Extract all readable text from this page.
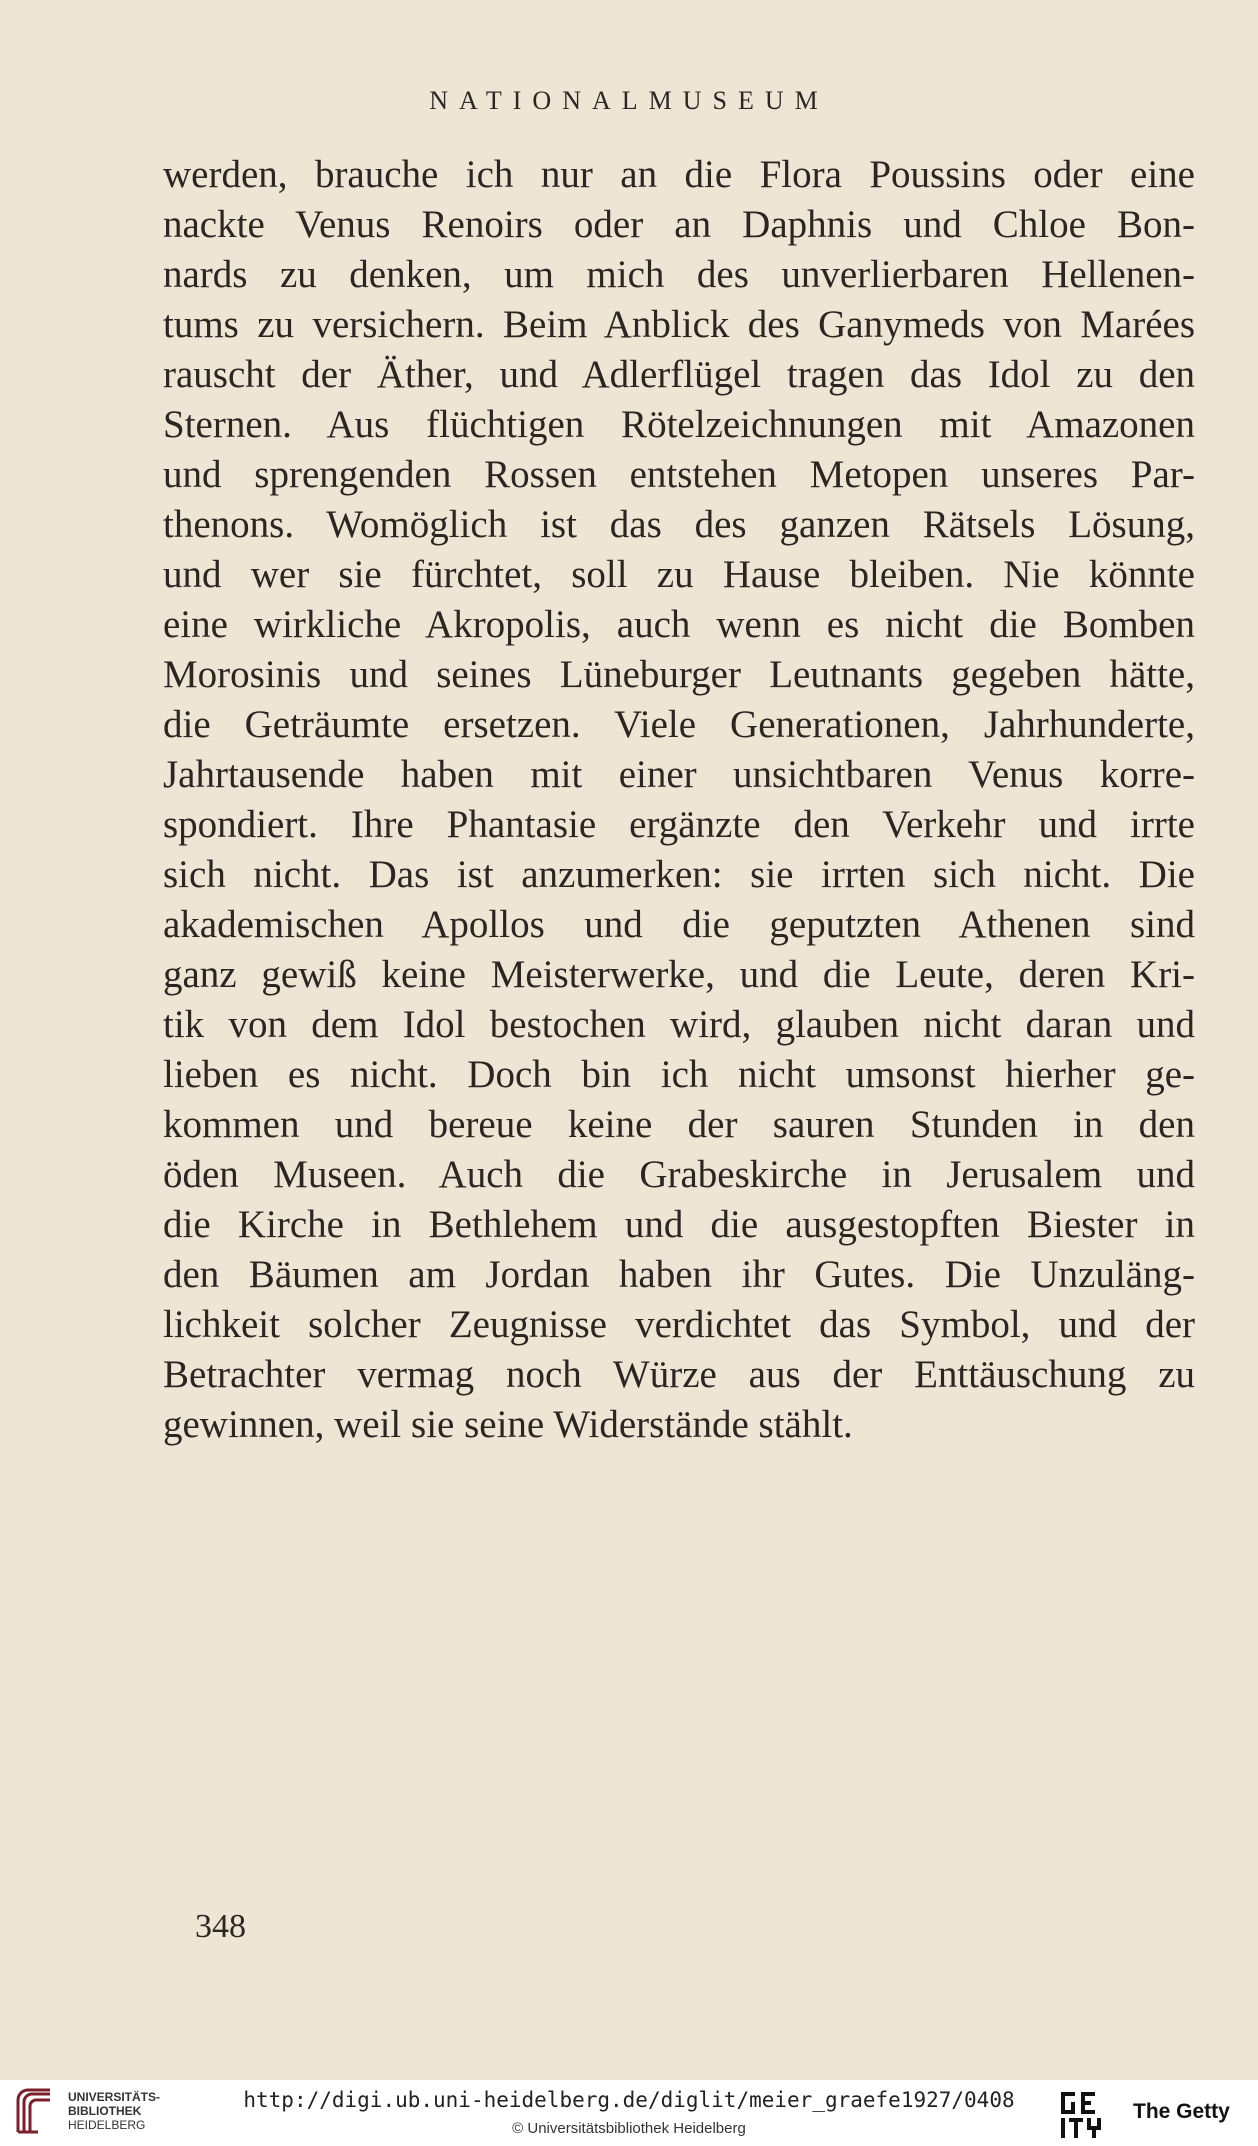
NATIONALMUSEUM
werden, brauche ich nur an die Flora Poussins oder eine
nackte Venus Renoirs oder an Daphnis und Chloe Bon-
nards zu denken, um mich des unverlierbaren Hellenen-
tums zu versichern. Beim Anblick des Ganymeds von Marées
rauscht der Äther, und Adlerflügel tragen das Idol zu den
Sternen. Aus flüchtigen Rötelzeichnungen mit Amazonen
und sprengenden Rossen entstehen Metopen unseres Par-
thenons. Womöglich ist das des ganzen Rätsels Lösung,
und wer sie fürchtet, soll zu Hause bleiben. Nie könnte
eine wirkliche Akropolis, auch wenn es nicht die Bomben
Morosinis und seines Lüneburger Leutnants gegeben hätte,
die Geträumte ersetzen. Viele Generationen, Jahrhunderte,
Jahrtausende haben mit einer unsichtbaren Venus korre-
spondiert. Ihre Phantasie ergänzte den Verkehr und irrte
sich nicht. Das ist anzumerken: sie irrten sich nicht. Die
akademischen Apollos und die geputzten Athenen sind
ganz gewiß keine Meisterwerke, und die Leute, deren Kri-
tik von dem Idol bestochen wird, glauben nicht daran und
lieben es nicht. Doch bin ich nicht umsonst hierher ge-
kommen und bereue keine der sauren Stunden in den
öden Museen. Auch die Grabeskirche in Jerusalem und
die Kirche in Bethlehem und die ausgestopften Biester in
den Bäumen am Jordan haben ihr Gutes. Die Unzuläng-
lichkeit solcher Zeugnisse verdichtet das Symbol, und der
Betrachter vermag noch Würze aus der Enttäuschung zu
gewinnen, weil sie seine Widerstände stählt.
348
UNIVERSITÄTS-
BIBLIOTHEK
HEIDELBERG
http://digi.ub.uni-heidelberg.de/diglit/meier_graefe1927/0408
© Universitätsbibliothek Heidelberg
The Getty
